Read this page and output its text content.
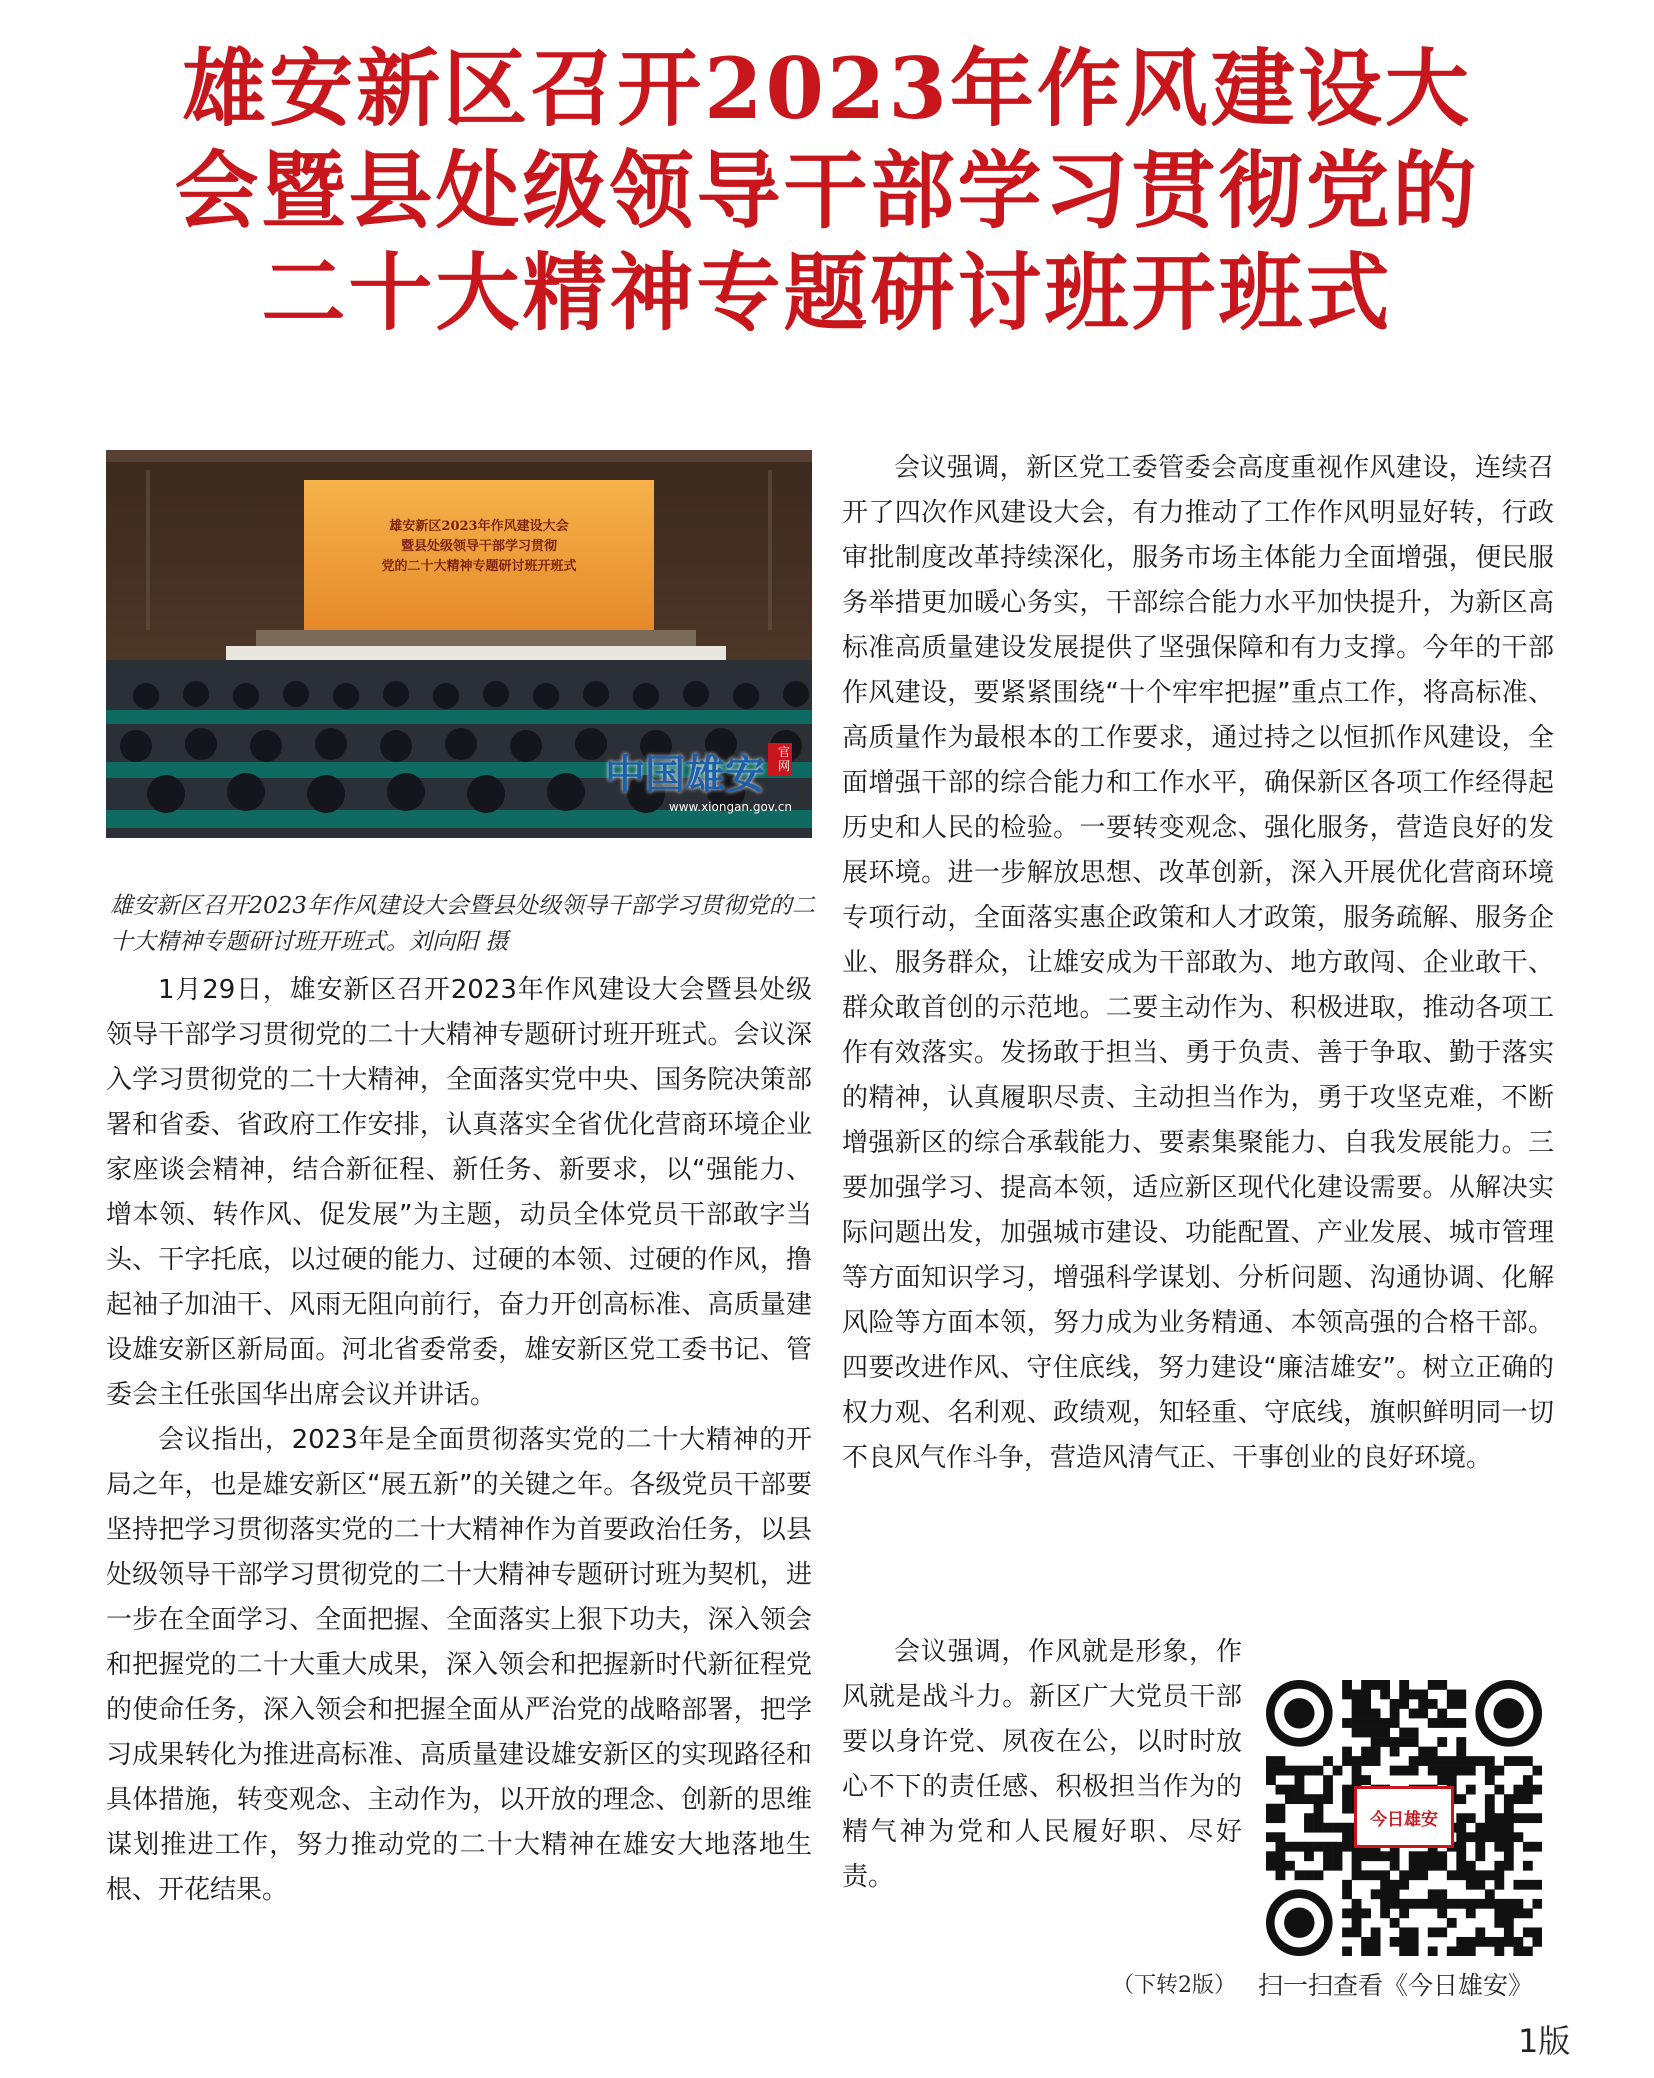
雄安新区召开2023年作风建设大
会暨县处级领导干部学习贯彻党的
二十大精神专题研讨班开班式
雄安新区2023年作风建设大会
暨县处级领导干部学习贯彻
党的二十大精神专题研讨班开班式
中国雄安 官网
www.xiongan.gov.cn
雄安新区召开2023年作风建设大会暨县处级领导干部学习贯彻党的二十大精神专题研讨班开班式。刘向阳 摄

1月29日，雄安新区召开2023年作风建设大会暨县处级领导干部学习贯彻党的二十大精神专题研讨班开班式。会议深入学习贯彻党的二十大精神，全面落实党中央、国务院决策部署和省委、省政府工作安排，认真落实全省优化营商环境企业家座谈会精神，结合新征程、新任务、新要求，以“强能力、增本领、转作风、促发展”为主题，动员全体党员干部敢字当头、干字托底，以过硬的能力、过硬的本领、过硬的作风，撸起袖子加油干、风雨无阻向前行，奋力开创高标准、高质量建设雄安新区新局面。河北省委常委，雄安新区党工委书记、管委会主任张国华出席会议并讲话。

会议指出，2023年是全面贯彻落实党的二十大精神的开局之年，也是雄安新区“展五新”的关键之年。各级党员干部要坚持把学习贯彻落实党的二十大精神作为首要政治任务，以县处级领导干部学习贯彻党的二十大精神专题研讨班为契机，进一步在全面学习、全面把握、全面落实上狠下功夫，深入领会和把握党的二十大重大成果，深入领会和把握新时代新征程党的使命任务，深入领会和把握全面从严治党的战略部署，把学习成果转化为推进高标准、高质量建设雄安新区的实现路径和具体措施，转变观念、主动作为，以开放的理念、创新的思维谋划推进工作，努力推动党的二十大精神在雄安大地落地生根、开花结果。

会议强调，新区党工委管委会高度重视作风建设，连续召开了四次作风建设大会，有力推动了工作作风明显好转，行政审批制度改革持续深化，服务市场主体能力全面增强，便民服务举措更加暖心务实，干部综合能力水平加快提升，为新区高标准高质量建设发展提供了坚强保障和有力支撑。今年的干部作风建设，要紧紧围绕“十个牢牢把握”重点工作，将高标准、高质量作为最根本的工作要求，通过持之以恒抓作风建设，全面增强干部的综合能力和工作水平，确保新区各项工作经得起历史和人民的检验。一要转变观念、强化服务，营造良好的发展环境。进一步解放思想、改革创新，深入开展优化营商环境专项行动，全面落实惠企政策和人才政策，服务疏解、服务企业、服务群众，让雄安成为干部敢为、地方敢闯、企业敢干、群众敢首创的示范地。二要主动作为、积极进取，推动各项工作有效落实。发扬敢于担当、勇于负责、善于争取、勤于落实的精神，认真履职尽责、主动担当作为，勇于攻坚克难，不断增强新区的综合承载能力、要素集聚能力、自我发展能力。三要加强学习、提高本领，适应新区现代化建设需要。从解决实际问题出发，加强城市建设、功能配置、产业发展、城市管理等方面知识学习，增强科学谋划、分析问题、沟通协调、化解风险等方面本领，努力成为业务精通、本领高强的合格干部。四要改进作风、守住底线，努力建设“廉洁雄安”。树立正确的权力观、名利观、政绩观，知轻重、守底线，旗帜鲜明同一切不良风气作斗争，营造风清气正、干事创业的良好环境。

会议强调，作风就是形象，作风就是战斗力。新区广大党员干部要以身许党、夙夜在公，以时时放心不下的责任感、积极担当作为的精气神为党和人民履好职、尽好责。

今日雄安
（下转2版） 扫一扫查看《今日雄安》
1版
